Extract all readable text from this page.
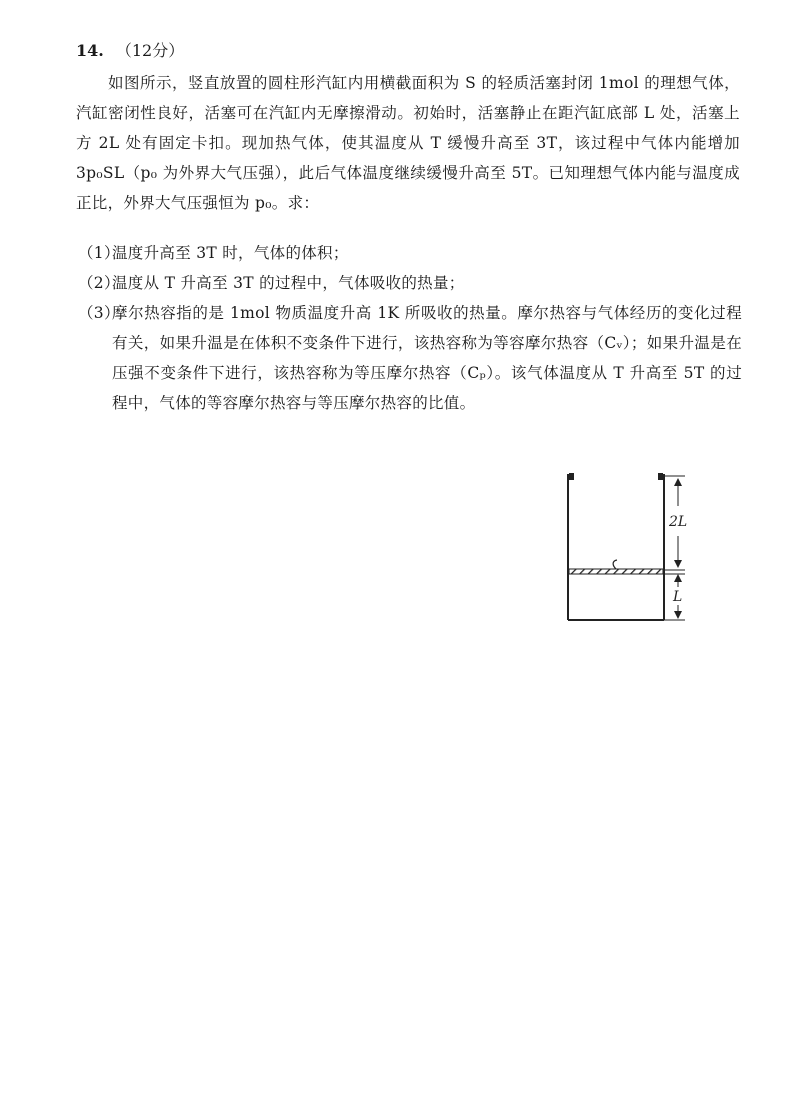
14. （12分）
如图所示，竖直放置的圆柱形汽缸内用横截面积为 S 的轻质活塞封闭 1mol 的理想气体，汽缸密闭性良好，活塞可在汽缸内无摩擦滑动。初始时，活塞静止在距汽缸底部 L 处，活塞上方 2L 处有固定卡扣。现加热气体，使其温度从 T 缓慢升高至 3T，该过程中气体内能增加 3p₀SL（p₀ 为外界大气压强），此后气体温度继续缓慢升高至 5T。已知理想气体内能与温度成正比，外界大气压强恒为 p₀。求：
（1）温度升高至 3T 时，气体的体积；
（2）温度从 T 升高至 3T 的过程中，气体吸收的热量；
（3）
摩尔热容指的是 1mol 物质温度升高 1K 所吸收的热量。摩尔热容与气体经历的变化过程有关，如果升温是在体积不变条件下进行，该热容称为等容摩尔热容（Cᵥ）；如果升温是在压强不变条件下进行，该热容称为等压摩尔热容（Cₚ）。该气体温度从 T 升高至 5T 的过程中，气体的等容摩尔热容与等压摩尔热容的比值。
2L
L
